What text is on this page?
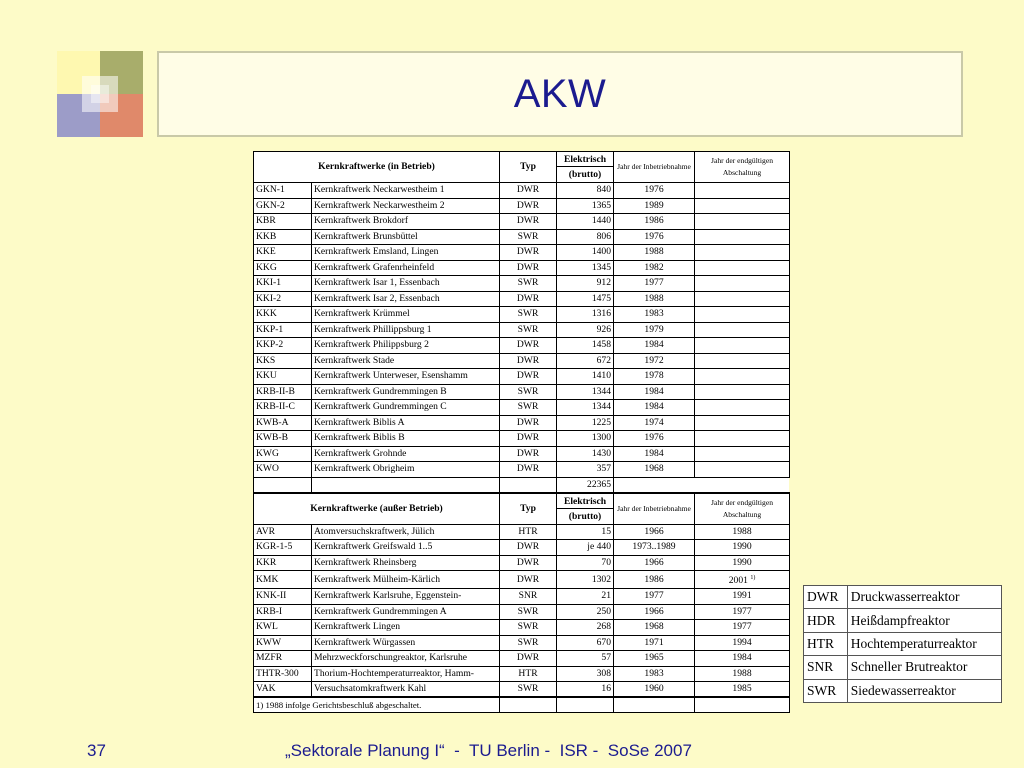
AKW
Kernkraftwerke (in Betrieb)		Typ	Elektrisch
(brutto)	Jahr der Inbetriebnahme	Jahr der endgültigen Abschaltung
GKN-1	Kernkraftwerk Neckarwestheim 1	DWR	840	1976	
GKN-2	Kernkraftwerk Neckarwestheim 2	DWR	1365	1989	
KBR	Kernkraftwerk Brokdorf	DWR	1440	1986	
KKB	Kernkraftwerk Brunsbüttel	SWR	806	1976	
KKE	Kernkraftwerk Emsland, Lingen	DWR	1400	1988	
KKG	Kernkraftwerk Grafenrheinfeld	DWR	1345	1982	
KKI-1	Kernkraftwerk Isar 1, Essenbach	SWR	912	1977	
KKI-2	Kernkraftwerk Isar 2, Essenbach	DWR	1475	1988	
KKK	Kernkraftwerk Krümmel	SWR	1316	1983	
KKP-1	Kernkraftwerk Phillippsburg 1	SWR	926	1979	
KKP-2	Kernkraftwerk Philippsburg 2	DWR	1458	1984	
KKS	Kernkraftwerk Stade	DWR	672	1972	
KKU	Kernkraftwerk Unterweser, Esenshamm	DWR	1410	1978	
KRB-II-B	Kernkraftwerk Gundremmingen B	SWR	1344	1984	
KRB-II-C	Kernkraftwerk Gundremmingen C	SWR	1344	1984	
KWB-A	Kernkraftwerk Biblis A	DWR	1225	1974	
KWB-B	Kernkraftwerk Biblis B	DWR	1300	1976	
KWG	Kernkraftwerk Grohnde	DWR	1430	1984	
KWO	Kernkraftwerk Obrigheim	DWR	357	1968	
			22365		
Kernkraftwerke (außer Betrieb)		Typ	Elektrisch
(brutto)	Jahr der Inbetriebnahme	Jahr der endgültigen Abschaltung
AVR	Atomversuchskraftwerk, Jülich	HTR	15	1966	1988
KGR-1-5	Kernkraftwerk Greifswald 1..5	DWR	je 440	1973..1989	1990
KKR	Kernkraftwerk Rheinsberg	DWR	70	1966	1990
KMK	Kernkraftwerk Mülheim-Kärlich	DWR	1302	1986	2001 $^{1)}$
KNK-II	Kernkraftwerk Karlsruhe, Eggenstein-	SNR	21	1977	1991
KRB-I	Kernkraftwerk Gundremmingen A	SWR	250	1966	1977
KWL	Kernkraftwerk Lingen	SWR	268	1968	1977
KWW	Kernkraftwerk Würgassen	SWR	670	1971	1994
MZFR	Mehrzweckforschungreaktor, Karlsruhe	DWR	57	1965	1984
THTR-300	Thorium-Hochtemperaturreaktor, Hamm-	HTR	308	1983	1988
VAK	Versuchsatomkraftwerk Kahl	SWR	16	1960	1985
1) 1988 infolge Gerichtsbeschluß abgeschaltet.					
DWR	Druckwasserreaktor
HDR	Heißdampfreaktor
HTR	Hochtemperaturreaktor
SNR	Schneller Brutreaktor
SWR	Siedewasserreaktor
37	„Sektorale Planung I“  -  TU Berlin -  ISR -  SoSe 2007
